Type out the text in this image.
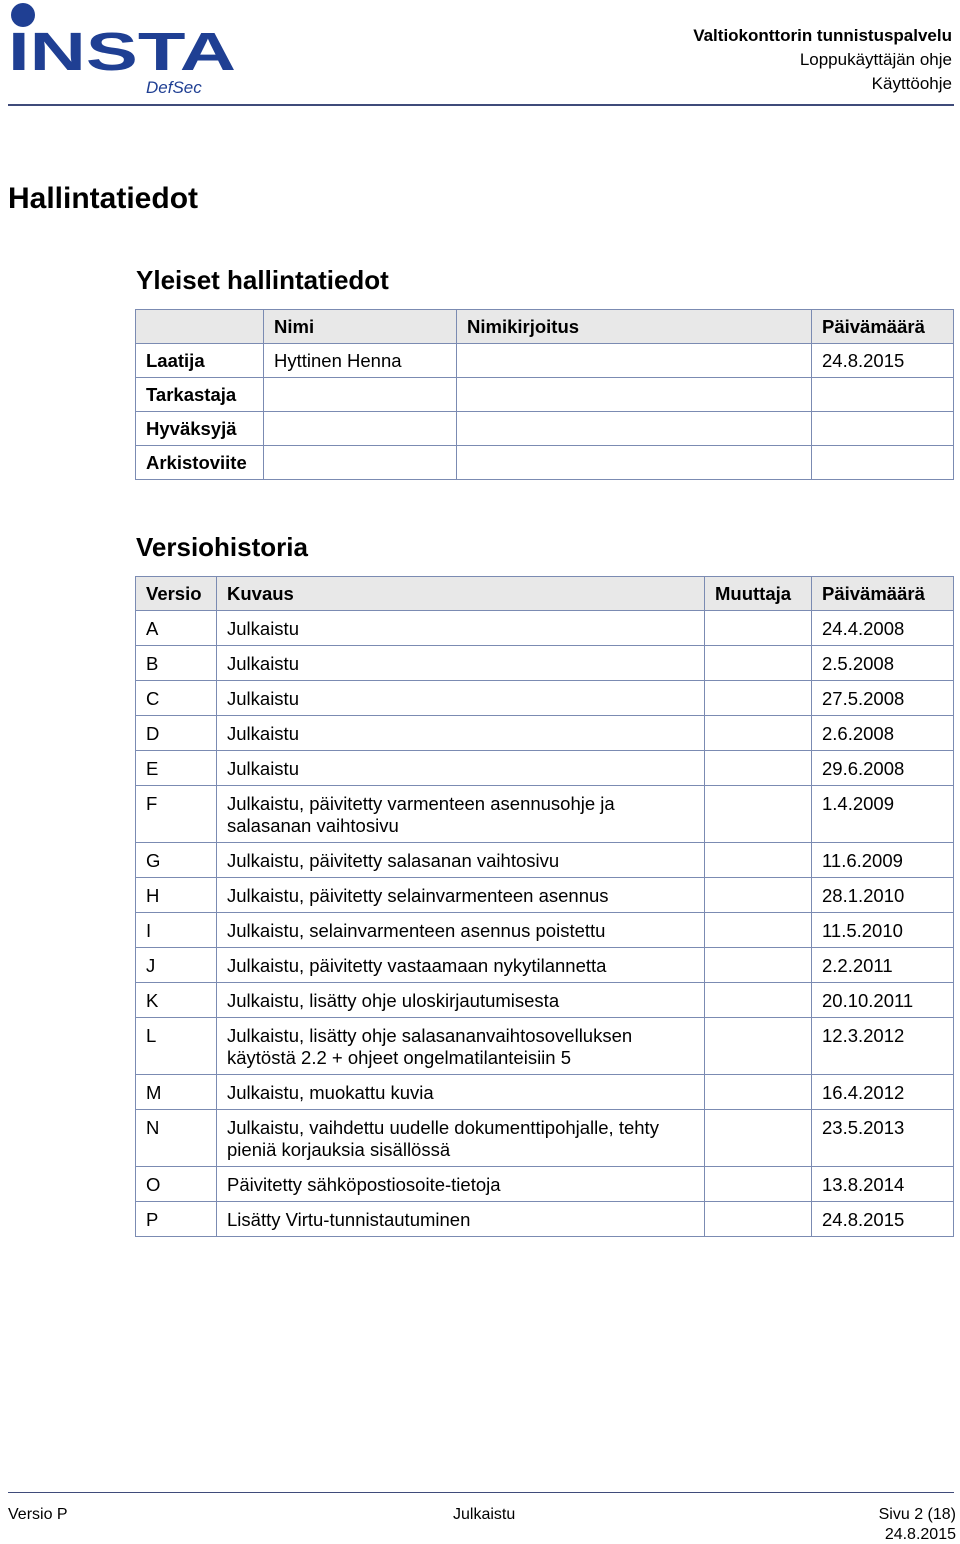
INSTA
DefSec
Valtiokonttorin tunnistuspalvelu
Loppukäyttäjän ohje
Käyttöohje
Hallintatiedot
Yleiset hallintatiedot
	Nimi	Nimikirjoitus	Päivämäärä
Laatija	Hyttinen Henna		24.8.2015
Tarkastaja			
Hyväksyjä			
Arkistoviite			
Versiohistoria
Versio	Kuvaus	Muuttaja	Päivämäärä
A	Julkaistu		24.4.2008
B	Julkaistu		2.5.2008
C	Julkaistu		27.5.2008
D	Julkaistu		2.6.2008
E	Julkaistu		29.6.2008
F	Julkaistu, päivitetty varmenteen asennusohje ja salasanan vaihtosivu		1.4.2009
G	Julkaistu, päivitetty salasanan vaihtosivu		11.6.2009
H	Julkaistu, päivitetty selainvarmenteen asennus		28.1.2010
I	Julkaistu, selainvarmenteen asennus poistettu		11.5.2010
J	Julkaistu, päivitetty vastaamaan nykytilannetta		2.2.2011
K	Julkaistu, lisätty ohje uloskirjautumisesta		20.10.2011
L	Julkaistu, lisätty ohje salasananvaihtosovelluksen käytöstä 2.2 + ohjeet ongelmatilanteisiin 5		12.3.2012
M	Julkaistu, muokattu kuvia		16.4.2012
N	Julkaistu, vaihdettu uudelle dokumenttipohjalle, tehty pieniä korjauksia sisällössä		23.5.2013
O	Päivitetty sähköpostiosoite-tietoja		13.8.2014
P	Lisätty Virtu-tunnistautuminen		24.8.2015
Versio P	Julkaistu	Sivu 2 (18)
24.8.2015
